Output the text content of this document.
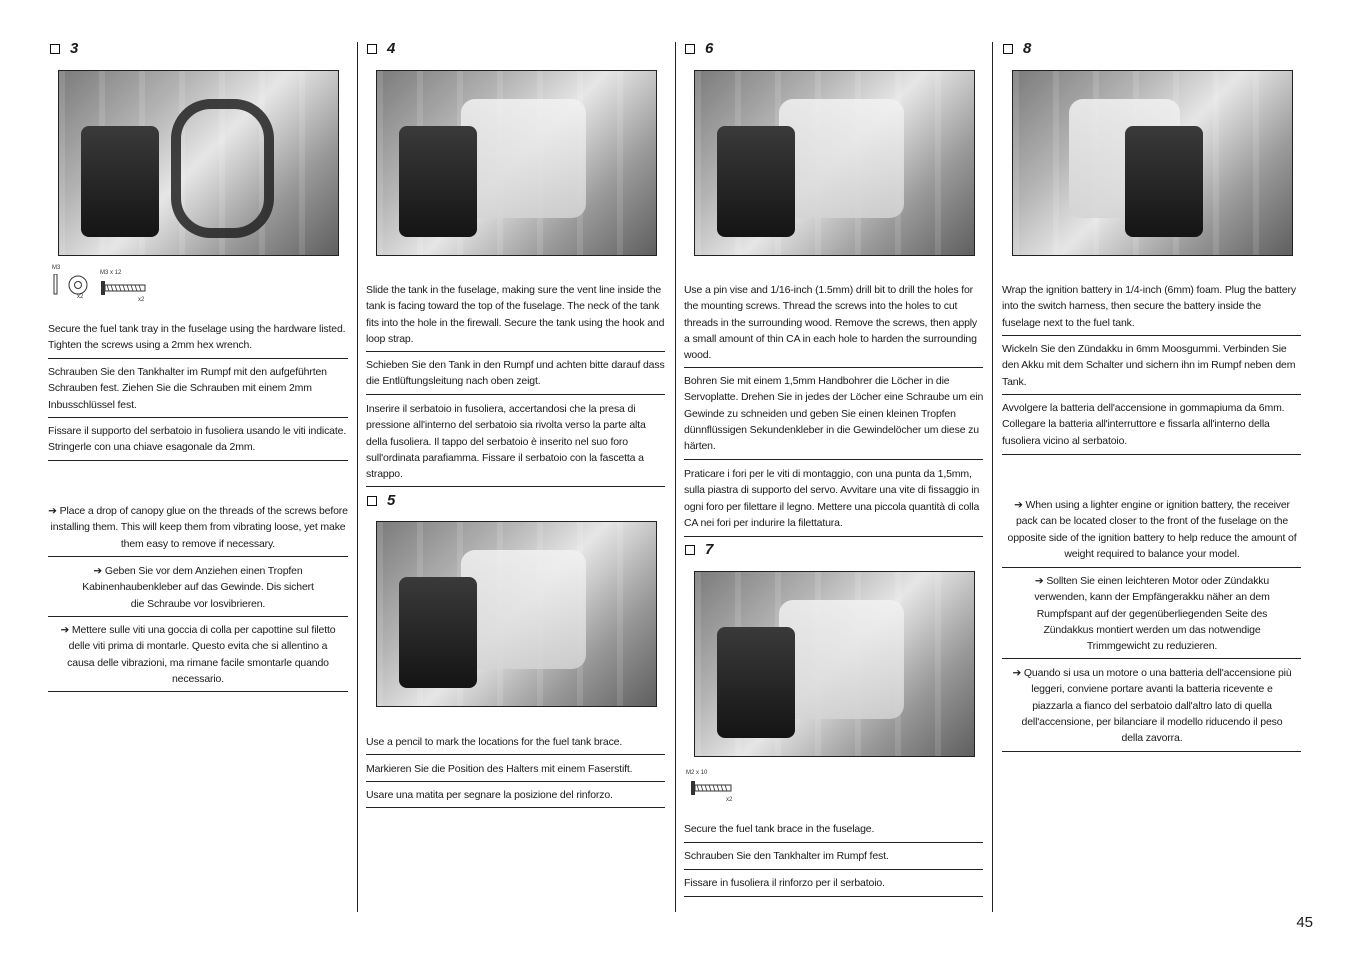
3
M3
x2
M3 x 12
x2
Secure the fuel tank tray in the fuselage using the hardware listed. Tighten the screws using a 2mm hex wrench.
Schrauben Sie den Tankhalter im Rumpf mit den aufgeführten Schrauben fest. Ziehen Sie die Schrauben mit einem 2mm Inbusschlüssel fest.
Fissare il supporto del serbatoio in fusoliera usando le viti indicate. Stringerle con una chiave esagonale da 2mm.
➔ Place a drop of canopy glue on the threads of the screws before installing them. This will keep them from vibrating loose, yet make them easy to remove if necessary.
➔ Geben Sie vor dem Anziehen einen Tropfen Kabinenhaubenkleber auf das Gewinde. Dis sichert die Schraube vor losvibrieren.
➔ Mettere sulle viti una goccia di colla per capottine sul filetto delle viti prima di montarle. Questo evita che si allentino a causa delle vibrazioni, ma rimane facile smontarle quando necessario.
4
Slide the tank in the fuselage, making sure the vent line inside the tank is facing toward the top of the fuselage. The neck of the tank fits into the hole in the firewall. Secure the tank using the hook and loop strap.
Schieben Sie den Tank in den Rumpf und achten bitte darauf dass die Entlüftungsleitung nach oben zeigt.
Inserire il serbatoio in fusoliera, accertandosi che la presa di pressione all'interno del serbatoio sia rivolta verso la parte alta della fusoliera. Il tappo del serbatoio è inserito nel suo foro sull'ordinata parafiamma. Fissare il serbatoio con la fascetta a strappo.
5
Use a pencil to mark the locations for the fuel tank brace.
Markieren Sie die Position des Halters mit einem Faserstift.
Usare una matita per segnare la posizione del rinforzo.
6
Use a pin vise and 1/16-inch (1.5mm) drill bit to drill the holes for the mounting screws. Thread the screws into the holes to cut threads in the surrounding wood. Remove the screws, then apply a small amount of thin CA in each hole to harden the surrounding wood.
Bohren Sie mit einem 1,5mm Handbohrer die Löcher in die Servoplatte. Drehen Sie in jedes der Löcher eine Schraube um ein Gewinde zu schneiden und geben Sie einen kleinen Tropfen dünnflüssigen Sekundenkleber in die Gewindelöcher um diese zu härten.
Praticare i fori per le viti di montaggio, con una punta da 1,5mm, sulla piastra di supporto del servo. Avvitare una vite di fissaggio in ogni foro per filettare il legno. Mettere una piccola quantità di colla CA nei fori per indurire la filettatura.
7
M2 x 10
x2
Secure the fuel tank brace in the fuselage.
Schrauben Sie den Tankhalter im Rumpf fest.
Fissare in fusoliera il rinforzo per il serbatoio.
8
Wrap the ignition battery in 1/4-inch (6mm) foam. Plug the battery into the switch harness, then secure the battery inside the fuselage next to the fuel tank.
Wickeln Sie den Zündakku in 6mm Moosgummi. Verbinden Sie den Akku mit dem Schalter und sichern ihn im Rumpf neben dem Tank.
Avvolgere la batteria dell'accensione in gommapiuma da 6mm. Collegare la batteria all'interruttore e fissarla all'interno della fusoliera vicino al serbatoio.
➔ When using a lighter engine or ignition battery, the receiver pack can be located closer to the front of the fuselage on the opposite side of the ignition battery to help reduce the amount of weight required to balance your model.
➔ Sollten Sie einen leichteren Motor oder Zündakku verwenden, kann der Empfängerakku näher an dem Rumpfspant auf der gegenüberliegenden Seite des Zündakkus montiert werden um das notwendige Trimmgewicht zu reduzieren.
➔ Quando si usa un motore o una batteria dell'accensione più leggeri, conviene portare avanti la batteria ricevente e piazzarla a fianco del serbatoio dall'altro lato di quella dell'accensione, per bilanciare il modello riducendo il peso della zavorra.
45
